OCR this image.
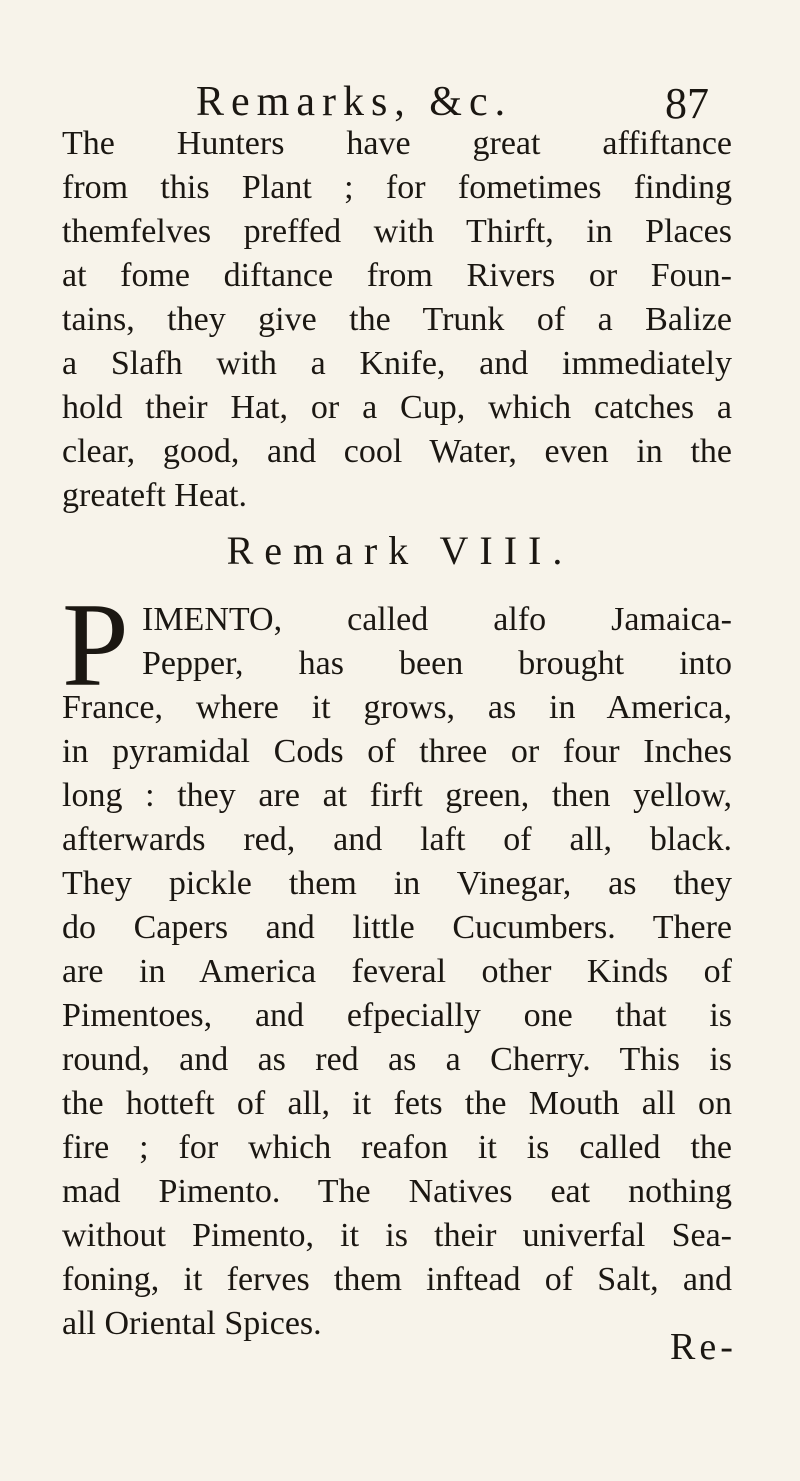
Remarks, &c.	87
The Hunters have great affiftance
from this Plant ; for fometimes finding
themfelves preffed with Thirft, in Places
at fome diftance from Rivers or Foun-
tains, they give the Trunk of a Balize
a Slafh with a Knife, and immediately
hold their Hat, or a Cup, which catches a
clear, good, and cool Water, even in the
greateft Heat.
Remark VIII.
P IMENTO, called alfo Jamaica-
Pepper, has been brought into
France, where it grows, as in America,
in pyramidal Cods of three or four Inches
long : they are at firft green, then yellow,
afterwards red, and laft of all, black.
They pickle them in Vinegar, as they
do Capers and little Cucumbers. There
are in America feveral other Kinds of
Pimentoes, and efpecially one that is
round, and as red as a Cherry. This is
the hotteft of all, it fets the Mouth all on
fire ; for which reafon it is called the
mad Pimento. The Natives eat nothing
without Pimento, it is their univerfal Sea-
foning, it ferves them inftead of Salt, and
all Oriental Spices.
Re-
